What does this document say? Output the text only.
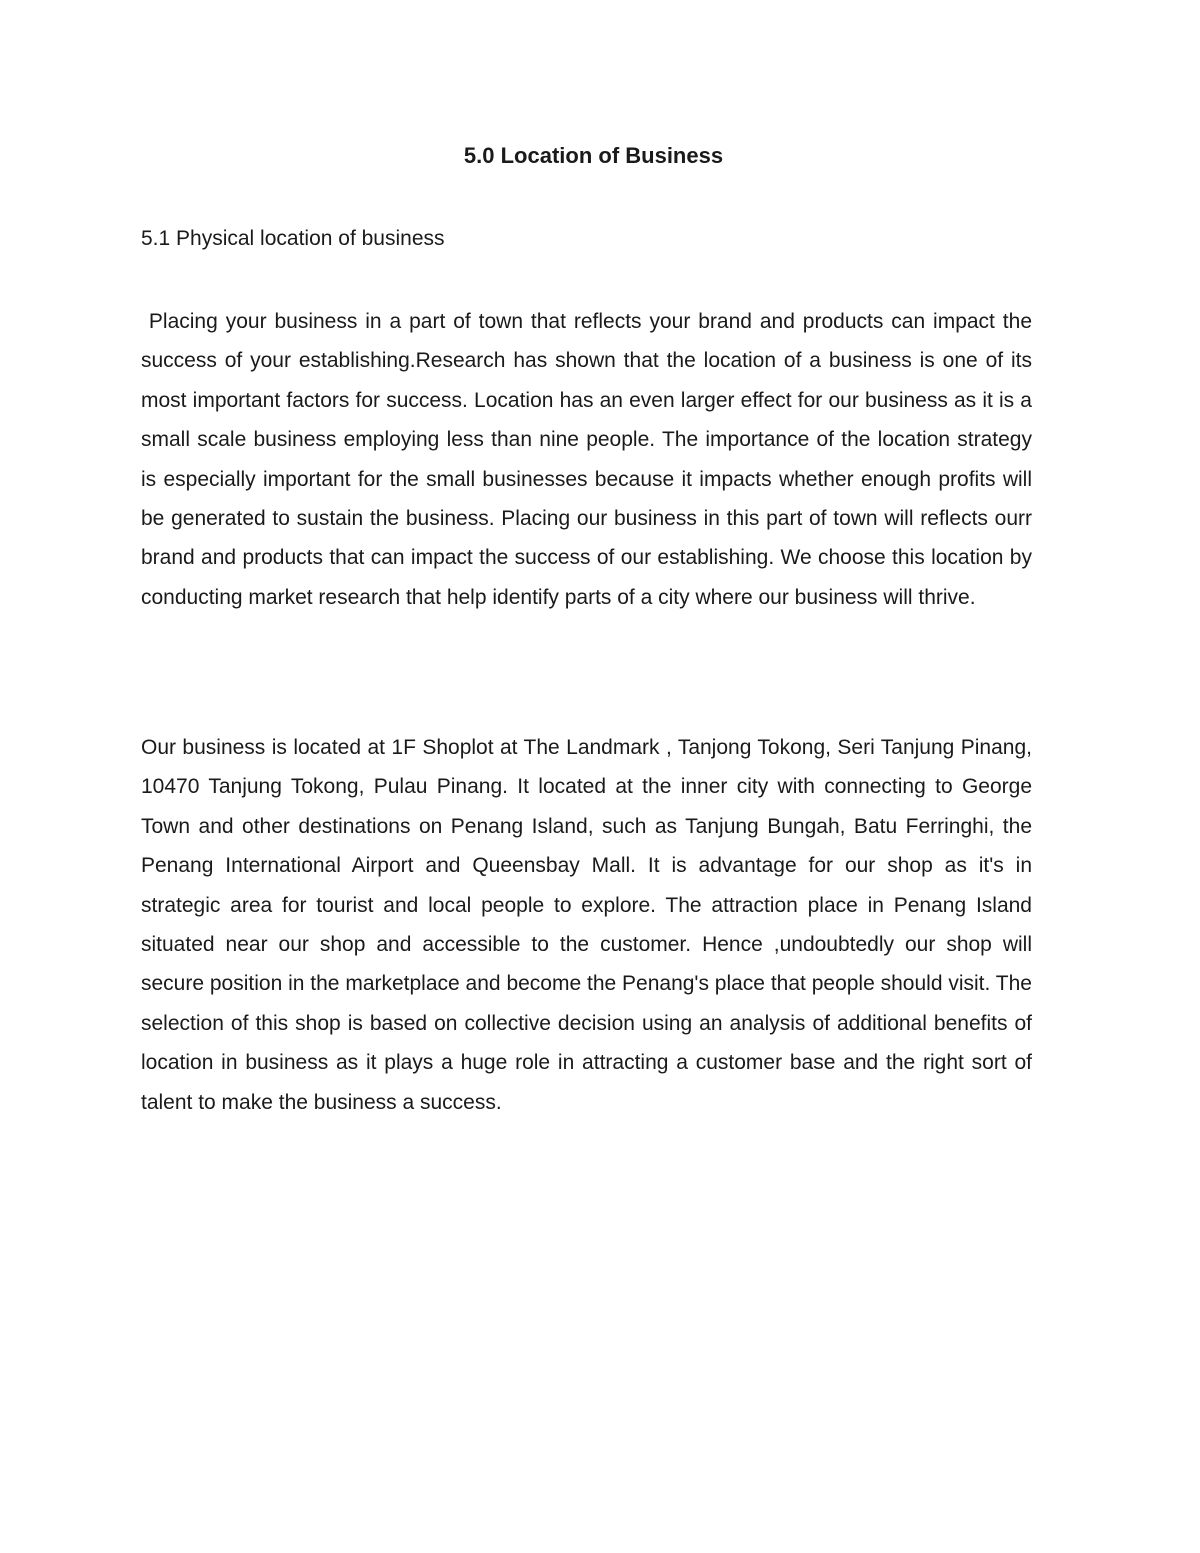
5.0 Location of Business
5.1 Physical location of business

Placing your business in a part of town that reflects your brand and products can impact the success of your establishing.Research has shown that the location of a business is one of its most important factors for success. Location has an even larger effect for our business as it is a small scale business employing less than nine people. The importance of the location strategy is especially important for the small businesses because it impacts whether enough profits will be generated to sustain the business. Placing our business in this part of town will reflects ourr brand and products that can impact the success of our establishing. We choose this location by conducting market research that help identify parts of a city where our business will thrive.

Our business is located at 1F Shoplot at The Landmark , Tanjong Tokong, Seri Tanjung Pinang, 10470 Tanjung Tokong, Pulau Pinang. It located at the inner city with connecting to George Town and other destinations on Penang Island, such as Tanjung Bungah, Batu Ferringhi, the Penang International Airport and Queensbay Mall. It is advantage for our shop as it's in strategic area for tourist and local people to explore. The attraction place in Penang Island situated near our shop and accessible to the customer. Hence ,undoubtedly our shop will secure position in the marketplace and become the Penang's place that people should visit. The selection of this shop is based on collective decision using an analysis of additional benefits of location in business as it plays a huge role in attracting a customer base and the right sort of talent to make the business a success.
